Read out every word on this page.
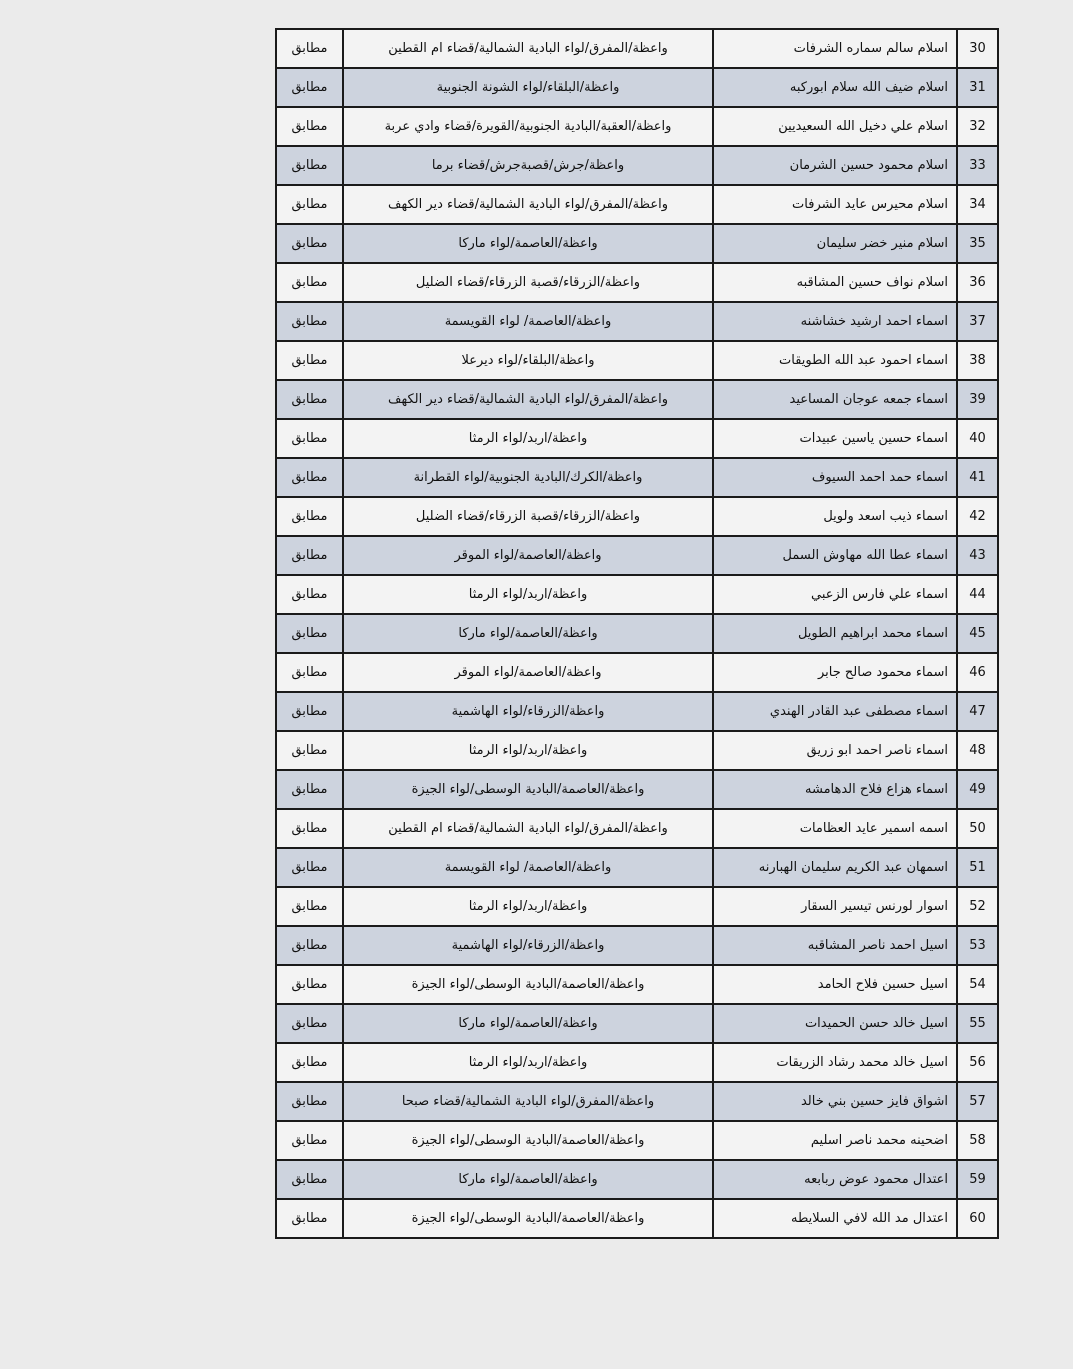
30	اسلام سالم سماره الشرفات	واعظة/المفرق/لواء البادية الشمالية/قضاء ام القطين	مطابق
31	اسلام ضيف الله سلام ابوركبه	واعظة/البلقاء/لواء الشونة الجنوبية	مطابق
32	اسلام علي دخيل الله السعيديين	واعظة/العقبة/البادية الجنوبية/القويرة/قضاء وادي عربة	مطابق
33	اسلام محمود حسين الشرمان	واعظة/جرش/قصبةجرش/قضاء برما	مطابق
34	اسلام محيرس عايد الشرفات	واعظة/المفرق/لواء البادية الشمالية/قضاء دير الكهف	مطابق
35	اسلام منير خضر سليمان	واعظة/العاصمة/لواء ماركا	مطابق
36	اسلام نواف حسين المشاقبه	واعظة/الزرقاء/قصبة الزرقاء/قضاء الضليل	مطابق
37	اسماء احمد ارشيد خشاشنه	واعظة/العاصمة/ لواء القويسمة	مطابق
38	اسماء احمود عبد الله الطويقات	واعظة/البلقاء/لواء ديرعلا	مطابق
39	اسماء جمعه عوجان المساعيد	واعظة/المفرق/لواء البادية الشمالية/قضاء دير الكهف	مطابق
40	اسماء حسين ياسين عبيدات	واعظة/اربد/لواء الرمثا	مطابق
41	اسماء حمد احمد السيوف	واعظة/الكرك/البادية الجنوبية/لواء القطرانة	مطابق
42	اسماء ذيب اسعد ولويل	واعظة/الزرقاء/قصبة الزرقاء/قضاء الضليل	مطابق
43	اسماء عطا الله مهاوش السمل	واعظة/العاصمة/لواء الموقر	مطابق
44	اسماء علي فارس الزعبي	واعظة/اربد/لواء الرمثا	مطابق
45	اسماء محمد ابراهيم الطويل	واعظة/العاصمة/لواء ماركا	مطابق
46	اسماء محمود صالح جابر	واعظة/العاصمة/لواء الموقر	مطابق
47	اسماء مصطفى عبد القادر الهندي	واعظة/الزرقاء/لواء الهاشمية	مطابق
48	اسماء ناصر احمد ابو زريق	واعظة/اربد/لواء الرمثا	مطابق
49	اسماء هزاع فلاح الدهامشه	واعظة/العاصمة/البادية الوسطى/لواء الجيزة	مطابق
50	اسمه اسمير عايد العظامات	واعظة/المفرق/لواء البادية الشمالية/قضاء ام القطين	مطابق
51	اسمهان عبد الكريم سليمان الهبارنه	واعظة/العاصمة/ لواء القويسمة	مطابق
52	اسوار لورنس تيسير السقار	واعظة/اربد/لواء الرمثا	مطابق
53	اسيل احمد ناصر المشاقبه	واعظة/الزرقاء/لواء الهاشمية	مطابق
54	اسيل حسين فلاح الحامد	واعظة/العاصمة/البادية الوسطى/لواء الجيزة	مطابق
55	اسيل خالد حسن الحميدات	واعظة/العاصمة/لواء ماركا	مطابق
56	اسيل خالد محمد رشاد الزريقات	واعظة/اربد/لواء الرمثا	مطابق
57	اشواق فايز حسين بني خالد	واعظة/المفرق/لواء البادية الشمالية/قضاء صبحا	مطابق
58	اضحينه محمد ناصر اسليم	واعظة/العاصمة/البادية الوسطى/لواء الجيزة	مطابق
59	اعتدال محمود عوض ربابعه	واعظة/العاصمة/لواء ماركا	مطابق
60	اعتدال مد الله لافي السلايطه	واعظة/العاصمة/البادية الوسطى/لواء الجيزة	مطابق
